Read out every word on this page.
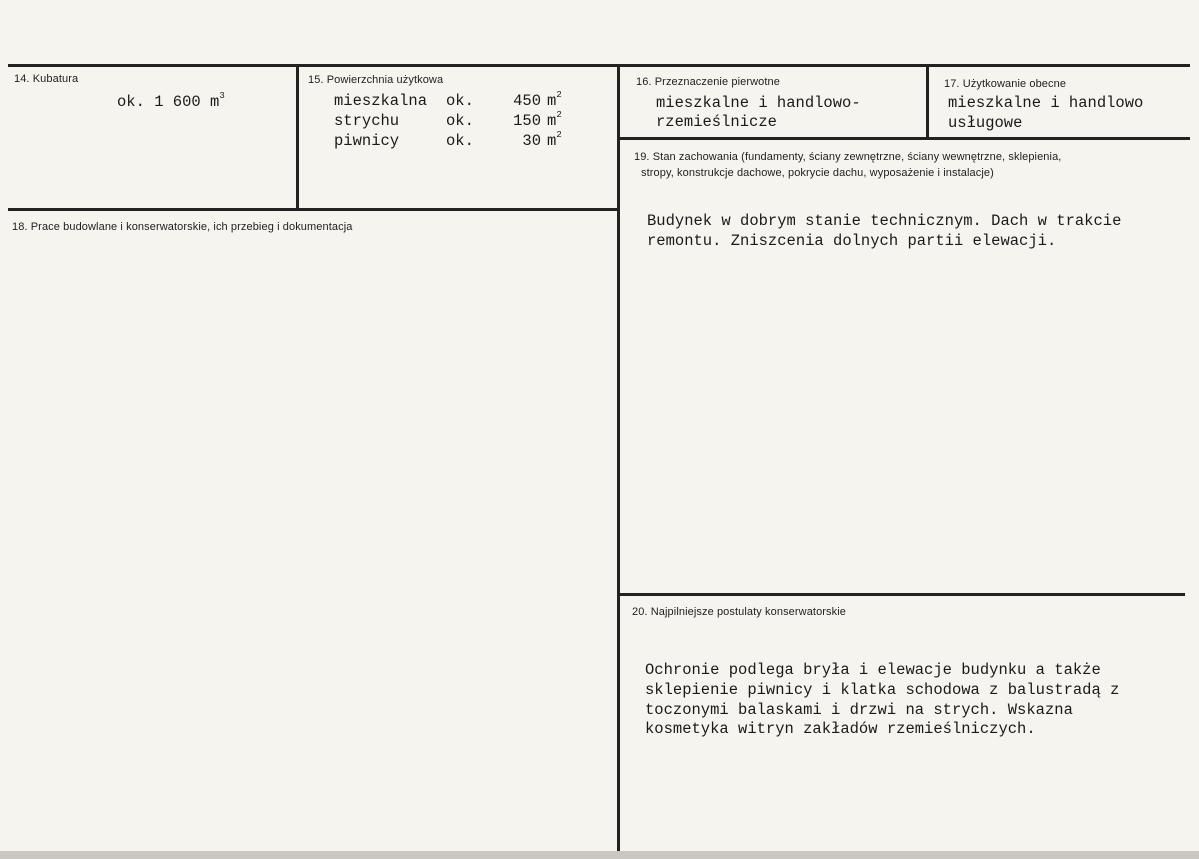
14. Kubatura
ok. 1 600 $m^3$
15. Powierzchnia użytkowa
mieszkalna ok.	450 $m^2$
strychu	ok.	150 $m^2$
piwnicy	ok.	30 $m^2$
16. Przeznaczenie pierwotne
mieszkalne i handlowo-
rzemieślnicze
17. Użytkowanie obecne
mieszkalne i handlowo
usługowe
18. Prace budowlane i konserwatorskie, ich przebieg i dokumentacja
19. Stan zachowania (fundamenty, ściany zewnętrzne, ściany wewnętrzne, sklepienia,
stropy, konstrukcje dachowe, pokrycie dachu, wyposażenie i instalacje)
Budynek w dobrym stanie technicznym. Dach w trakcie
remontu. Zniszcenia dolnych partii elewacji.
20. Najpilniejsze postulaty konserwatorskie
Ochronie podlega bryła i elewacje budynku a także
sklepienie piwnicy i klatka schodowa z balustradą z
toczonymi balaskami i drzwi na strych. Wskazna
kosmetyka witryn zakładów rzemieślniczych.
